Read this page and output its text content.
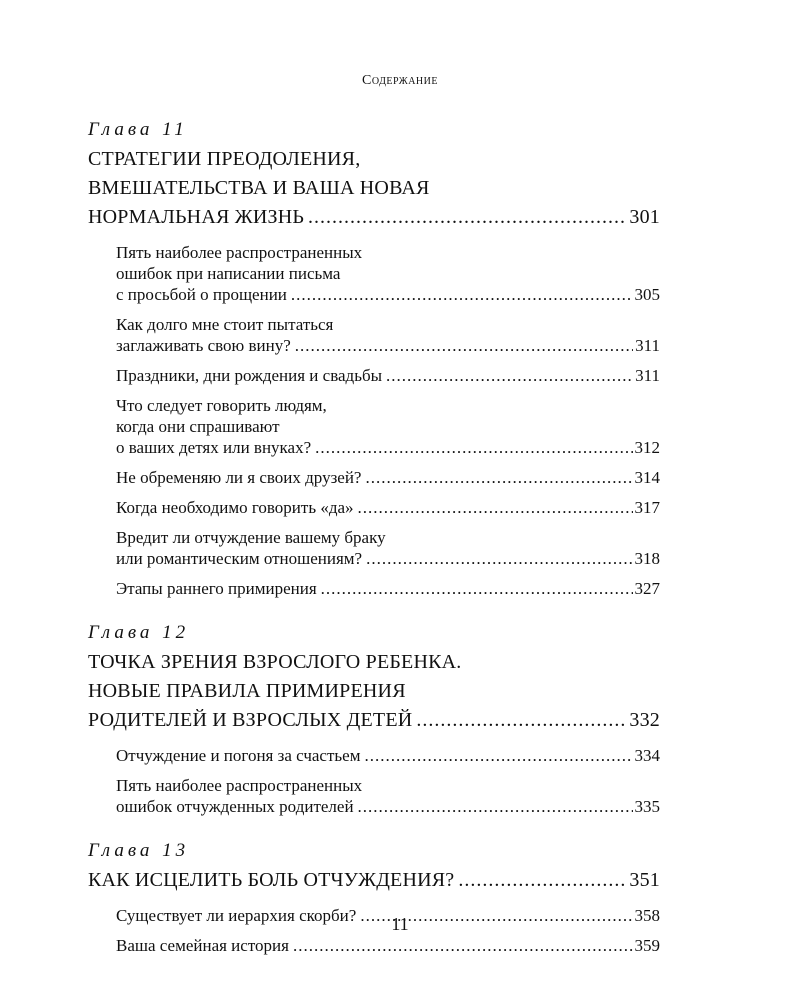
Содержание
Глава 11
СТРАТЕГИИ ПРЕОДОЛЕНИЯ,
ВМЕШАТЕЛЬСТВА И ВАША НОВАЯ
НОРМАЛЬНАЯ ЖИЗНЬ .....	301
Пять наиболее распространенных
ошибок при написании письма
с просьбой о прощении .....	305
Как долго мне стоит пытаться
заглаживать свою вину? .....	311
Праздники, дни рождения и свадьбы .....	311
Что следует говорить людям,
когда они спрашивают
о ваших детях или внуках? .....	312
Не обременяю ли я своих друзей? .....	314
Когда необходимо говорить «да» .....	317
Вредит ли отчуждение вашему браку
или романтическим отношениям? .....	318
Этапы раннего примирения .....	327
Глава 12
ТОЧКА ЗРЕНИЯ ВЗРОСЛОГО РЕБЕНКА.
НОВЫЕ ПРАВИЛА ПРИМИРЕНИЯ
РОДИТЕЛЕЙ И ВЗРОСЛЫХ ДЕТЕЙ .....	332
Отчуждение и погоня за счастьем .....	334
Пять наиболее распространенных
ошибок отчужденных родителей .....	335
Глава 13
КАК ИСЦЕЛИТЬ БОЛЬ ОТЧУЖДЕНИЯ? .....	351
Существует ли иерархия скорби? .....	358
Ваша семейная история .....	359
11
